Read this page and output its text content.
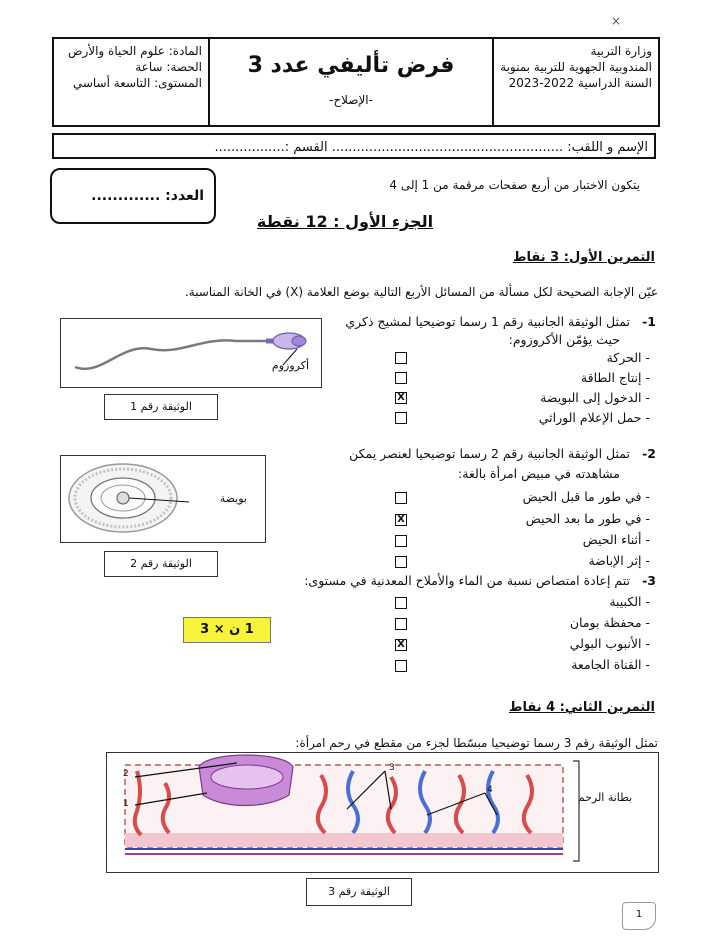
×
المادة: علوم الحياة والأرض
الحصة: ساعة
المستوى: التاسعة أساسي
فرض تأليفي عدد 3
-الإصلاح-
وزارة التربية
المندوبية الجهوية للتربية بمنوبة
السنة الدراسية 2022-2023
الإسم و اللقب: ........................................................ القسم :.................
العدد: .............
يتكون الاختبار من أربع صفحات مرقمة من 1 إلى 4
الجزء الأول : 12 نقطة
التمرين الأول: 3 نقاط
عيّن الإجابة الصحيحة لكل مسألة من المسائل الأربع التالية بوضع العلامة (X) في الخانة المناسبة.
1-
تمثل الوثيقة الجانبية رقم 1 رسما توضيحيا لمشيج ذكري
حيث يؤمّن الأكروزوم:
- الحركة
- إنتاج الطاقة
- الدخول إلى البويضة
- حمل الإعلام الوراثي
X
أكروزوم
الوثيقة رقم 1
2-
تمثل الوثيقة الجانبية رقم 2 رسما توضيحيا لعنصر يمكن
مشاهدته في مبيض امرأة بالغة:
- في طور ما قبل الحيض
- في طور ما بعد الحيض
- أثناء الحيض
- إثر الإباضة
X
بويضة
الوثيقة رقم 2
3-
تتم إعادة امتصاص نسبة من الماء والأملاح المعدنية في مستوى:
- الكبيبة
- محفظة بومان
- الأنبوب البولي
- القناة الجامعة
X
1 ن × 3
التمرين الثاني: 4 نقاط
تمثل الوثيقة رقم 3 رسما توضيحيا مبسّطا لجزء من مقطع في رحم امرأة:
1
2
3
4
بطانة الرحم
الوثيقة رقم 3
1
